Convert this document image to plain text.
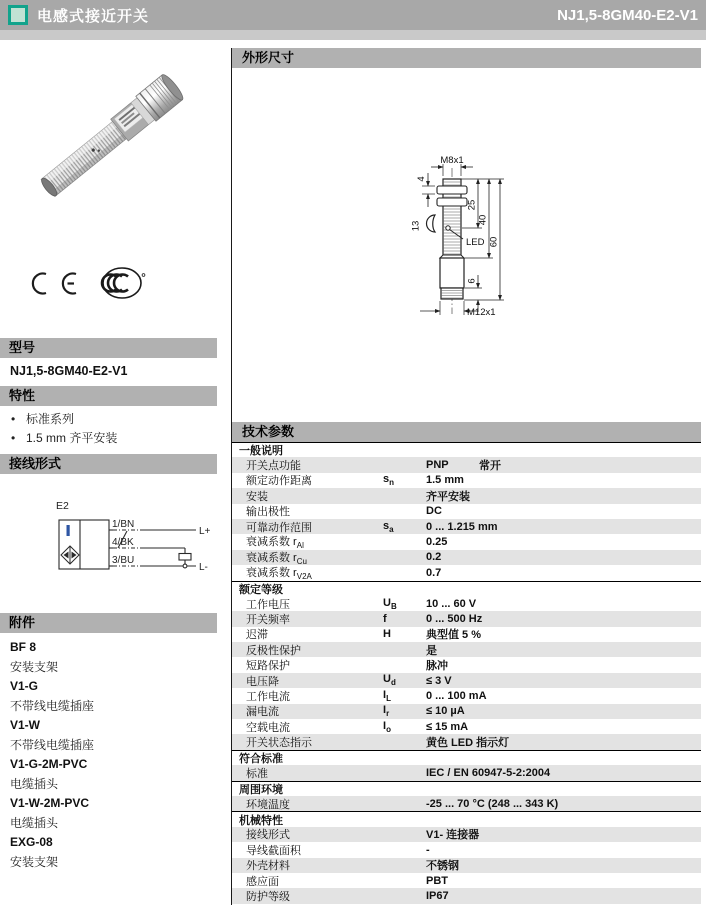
电感式接近开关	NJ1,5-8GM40-E2-V1
型号
NJ1,5-8GM40-E2-V1
特性
• 标准系列
• 1.5 mm 齐平安装
接线形式
E2
1/BN
4/BK
3/BU
L+
L-
附件
BF 8
安装支架
V1-G
不带线电缆插座
V1-W
不带线电缆插座
V1-G-2M-PVC
电缆插头
V1-W-2M-PVC
电缆插头
EXG-08
安装支架
外形尺寸
M8x1
LED
25
40
60
6
4
13
M12x1
技术参数
一般说明
开关点功能	PNP	常开
额定动作距离	$s_n$	1.5 mm
安装	齐平安装
输出极性	DC
可靠动作范围	$s_a$	0 ... 1.215 mm
衰减系数 $r_{Al}$	0.25
衰减系数 $r_{Cu}$	0.2
衰减系数 $r_{V2A}$	0.7
额定等级
工作电压	$U_B$	10 ... 60 V
开关频率	f	0 ... 500 Hz
迟滞	H	典型值 5 %
反极性保护	是
短路保护	脉冲
电压降	$U_d$	≤ 3 V
工作电流	$I_L$	0 ... 100 mA
漏电流	$I_r$	≤ 10 µA
空载电流	$I_o$	≤ 15 mA
开关状态指示	黄色 LED 指示灯
符合标准
标准	IEC / EN 60947-5-2:2004
周围环境
环境温度	-25 ... 70 °C (248 ... 343 K)
机械特性
接线形式	V1- 连接器
导线截面积	-
外壳材料	不锈钢
感应面	PBT
防护等级	IP67
